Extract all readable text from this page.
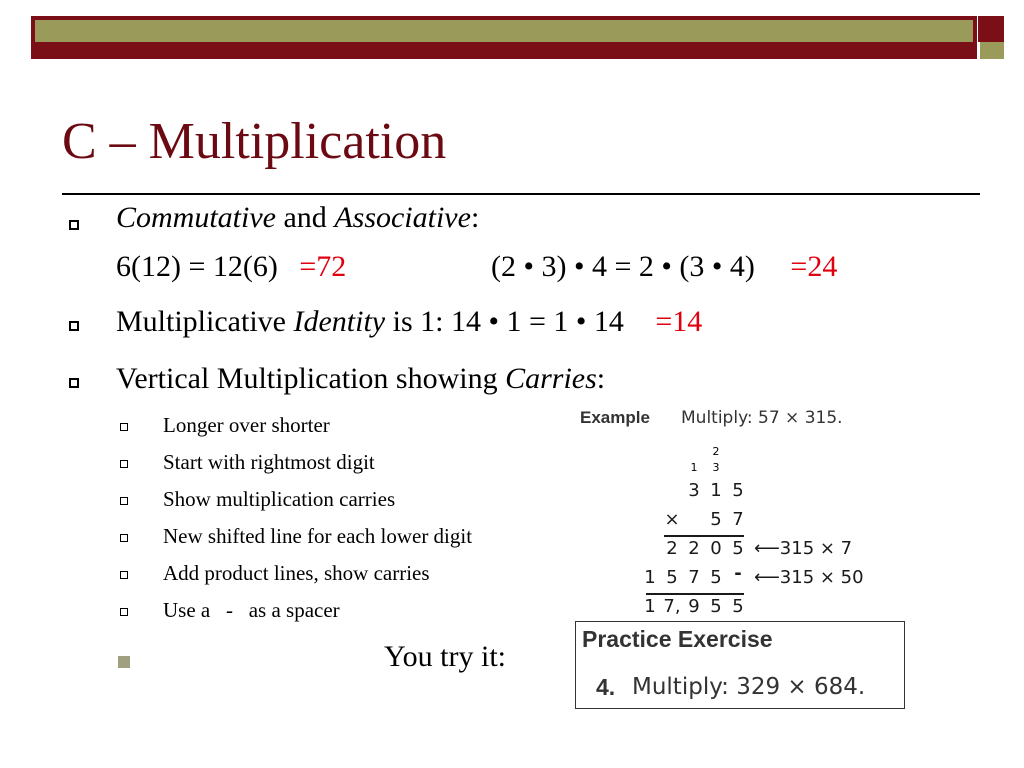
C – Multiplication
Commutative and Associative:
6(12) = 12(6) =72	(2 • 3) • 4 = 2 • (3 • 4) =24
Multiplicative Identity is 1: 14 • 1 = 1 • 14 =14
Vertical Multiplication showing Carries:
Longer over shorter
Start with rightmost digit
Show multiplication carries
New shifted line for each lower digit
Add product lines, show carries
Use a   -   as a spacer
You try it:
Example Multiply: 57 × 315.
2
1	3
3 1 5
× 5 7
2 2 0 5 ⟵315 × 7
1 5 7 5 - ⟵315 × 50
1 7, 9 5 5
Practice Exercise
4. Multiply: 329 × 684.
